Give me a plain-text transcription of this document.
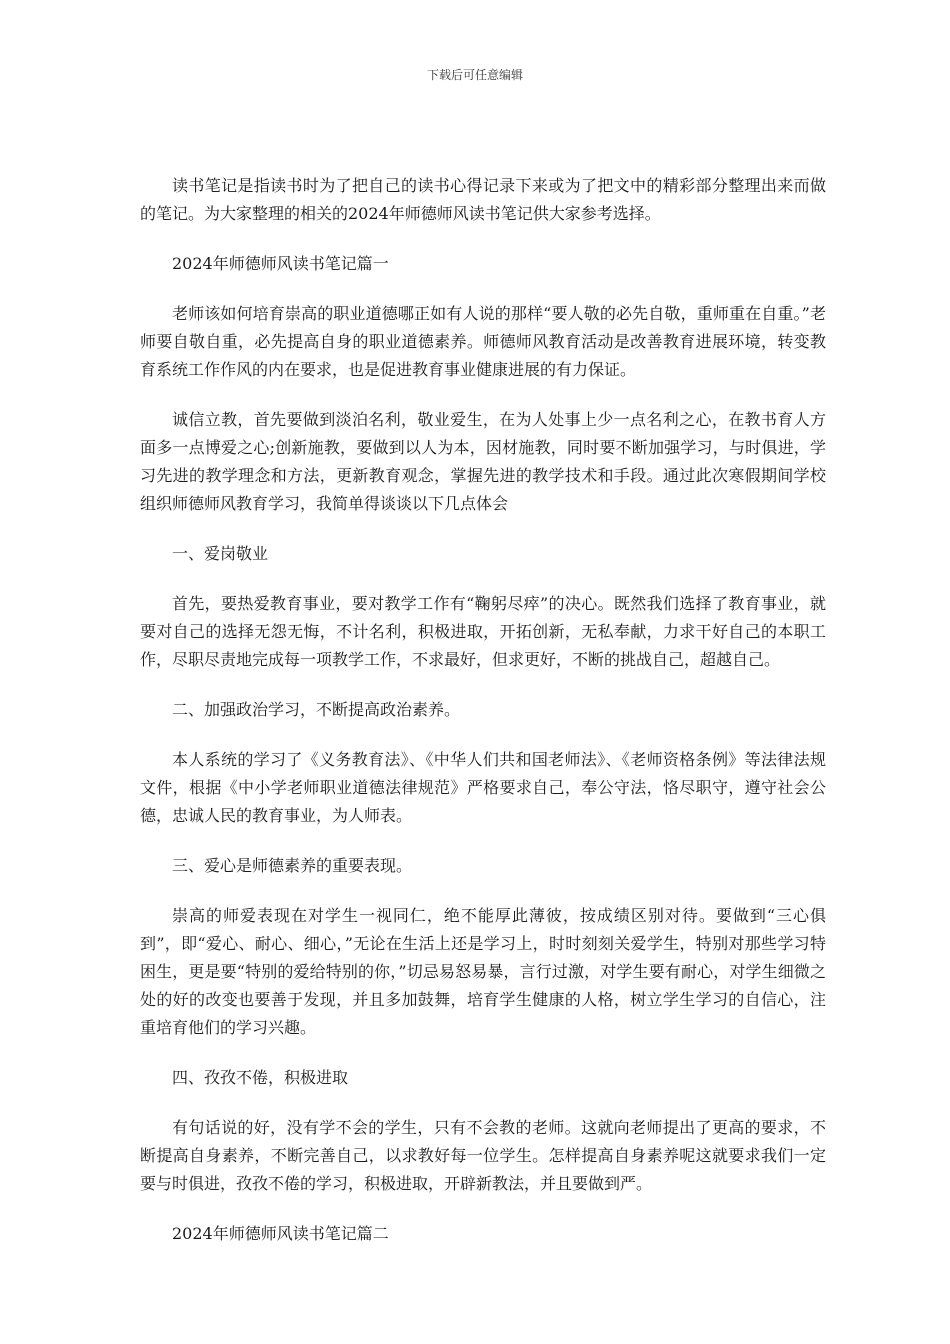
下载后可任意编辑

读书笔记是指读书时为了把自己的读书心得记录下来或为了把文中的精彩部分整理出来而做的笔记。为大家整理的相关的2024年师德师风读书笔记供大家参考选择。

2024年师德师风读书笔记篇一

老师该如何培育崇高的职业道德哪正如有人说的那样“要人敬的必先自敬，重师重在自重。”老师要自敬自重，必先提高自身的职业道德素养。师德师风教育活动是改善教育进展环境，转变教育系统工作作风的内在要求，也是促进教育事业健康进展的有力保证。

诚信立教，首先要做到淡泊名利，敬业爱生，在为人处事上少一点名利之心，在教书育人方面多一点博爱之心;创新施教，要做到以人为本，因材施教，同时要不断加强学习，与时俱进，学习先进的教学理念和方法，更新教育观念，掌握先进的教学技术和手段。通过此次寒假期间学校组织师德师风教育学习，我简单得谈谈以下几点体会

一、爱岗敬业

首先，要热爱教育事业，要对教学工作有“鞠躬尽瘁”的决心。既然我们选择了教育事业，就要对自己的选择无怨无悔，不计名利，积极进取，开拓创新，无私奉献，力求干好自己的本职工作，尽职尽责地完成每一项教学工作，不求最好，但求更好，不断的挑战自己，超越自己。

二、加强政治学习，不断提高政治素养。

本人系统的学习了《义务教育法》、《中华人们共和国老师法》、《老师资格条例》等法律法规文件，根据《中小学老师职业道德法律规范》严格要求自己，奉公守法，恪尽职守，遵守社会公德，忠诚人民的教育事业，为人师表。

三、爱心是师德素养的重要表现。

崇高的师爱表现在对学生一视同仁，绝不能厚此薄彼，按成绩区别对待。要做到“三心俱到”，即“爱心、耐心、细心，”无论在生活上还是学习上，时时刻刻关爱学生，特别对那些学习特困生，更是要“特别的爱给特别的你，”切忌易怒易暴，言行过激，对学生要有耐心，对学生细微之处的好的改变也要善于发现，并且多加鼓舞，培育学生健康的人格，树立学生学习的自信心，注重培育他们的学习兴趣。

四、孜孜不倦，积极进取

有句话说的好，没有学不会的学生，只有不会教的老师。这就向老师提出了更高的要求，不断提高自身素养，不断完善自己，以求教好每一位学生。怎样提高自身素养呢这就要求我们一定要与时俱进，孜孜不倦的学习，积极进取，开辟新教法，并且要做到严。

2024年师德师风读书笔记篇二
